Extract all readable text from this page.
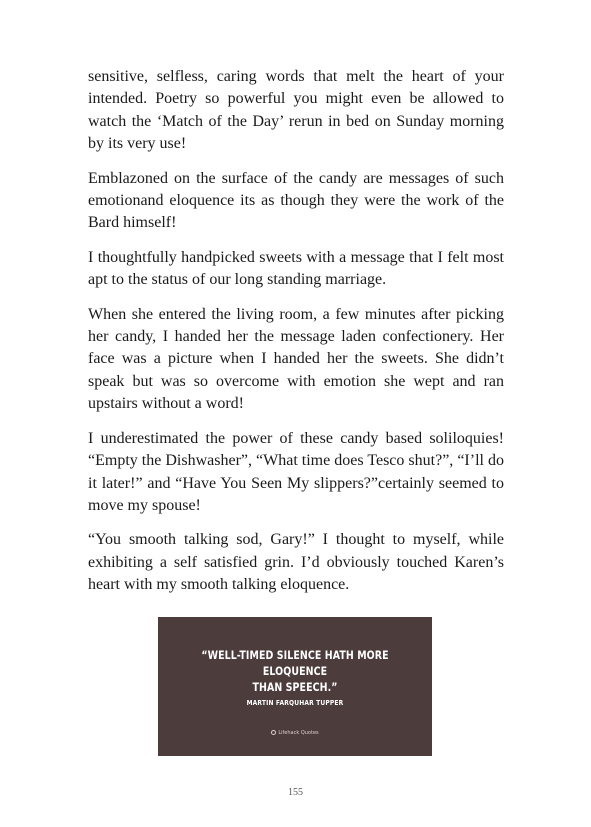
sensitive, selfless, caring words that melt the heart of your intended. Poetry so powerful you might even be allowed to watch the ‘Match of the Day’ rerun in bed on Sunday morning by its very use!

Emblazoned on the surface of the candy are messages of such emotionand eloquence its as though they were the work of the Bard himself!

I thoughtfully handpicked sweets with a message that I felt most apt to the status of our long standing marriage.

When she entered the living room, a few minutes after picking her candy, I handed her the message laden confectionery. Her face was a picture when I handed her the sweets. She didn’t speak but was so overcome with emotion she wept and ran upstairs without a word!

I underestimated the power of these candy based soliloquies! “Empty the Dishwasher”, “What time does Tesco shut?”, “I’ll do it later!” and “Have You Seen My slippers?”certainly seemed to move my spouse!

“You smooth talking sod, Gary!” I thought to myself, while exhibiting a self satisfied grin. I’d obviously touched Karen’s heart with my smooth talking eloquence.

“WELL-TIMED SILENCE HATH MORE ELOQUENCE
THAN SPEECH.”
MARTIN FARQUHAR TUPPER
Lifehack Quotes
155
